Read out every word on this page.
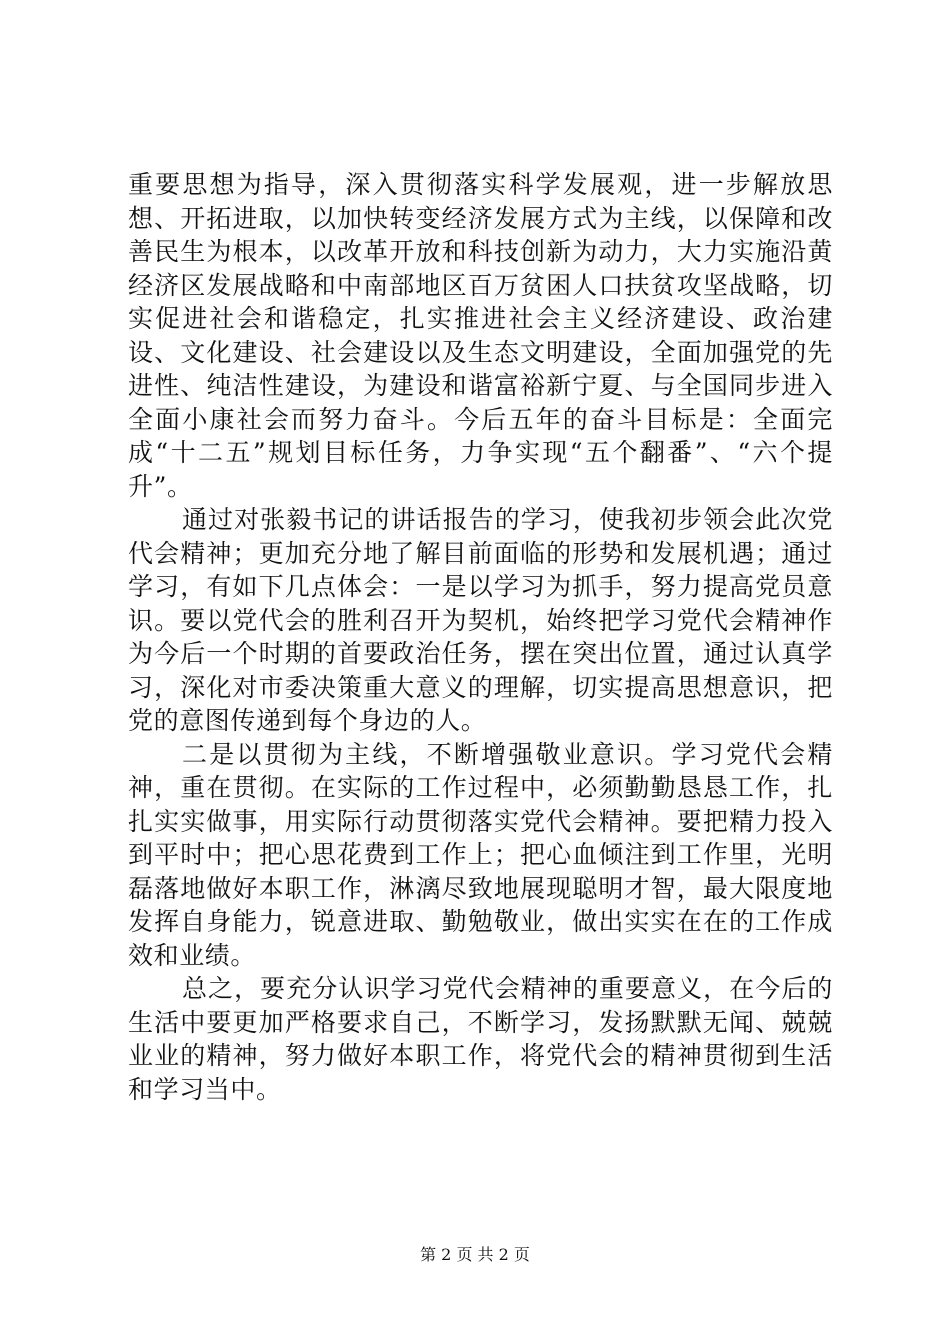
重要思想为指导，深入贯彻落实科学发展观，进一步解放思想、开拓进取，以加快转变经济发展方式为主线，以保障和改善民生为根本，以改革开放和科技创新为动力，大力实施沿黄经济区发展战略和中南部地区百万贫困人口扶贫攻坚战略，切实促进社会和谐稳定，扎实推进社会主义经济建设、政治建设、文化建设、社会建设以及生态文明建设，全面加强党的先进性、纯洁性建设，为建设和谐富裕新宁夏、与全国同步进入全面小康社会而努力奋斗。今后五年的奋斗目标是：全面完成“十二五”规划目标任务，力争实现“五个翻番”、“六个提升”。

通过对张毅书记的讲话报告的学习，使我初步领会此次党代会精神；更加充分地了解目前面临的形势和发展机遇；通过学习，有如下几点体会：一是以学习为抓手，努力提高党员意识。要以党代会的胜利召开为契机，始终把学习党代会精神作为今后一个时期的首要政治任务，摆在突出位置，通过认真学习，深化对市委决策重大意义的理解，切实提高思想意识，把党的意图传递到每个身边的人。

二是以贯彻为主线，不断增强敬业意识。学习党代会精神，重在贯彻。在实际的工作过程中，必须勤勤恳恳工作，扎扎实实做事，用实际行动贯彻落实党代会精神。要把精力投入到平时中；把心思花费到工作上；把心血倾注到工作里，光明磊落地做好本职工作，淋漓尽致地展现聪明才智，最大限度地发挥自身能力，锐意进取、勤勉敬业，做出实实在在的工作成效和业绩。

总之，要充分认识学习党代会精神的重要意义，在今后的生活中要更加严格要求自己，不断学习，发扬默默无闻、兢兢业业的精神，努力做好本职工作，将党代会的精神贯彻到生活和学习当中。

第 2 页 共 2 页
